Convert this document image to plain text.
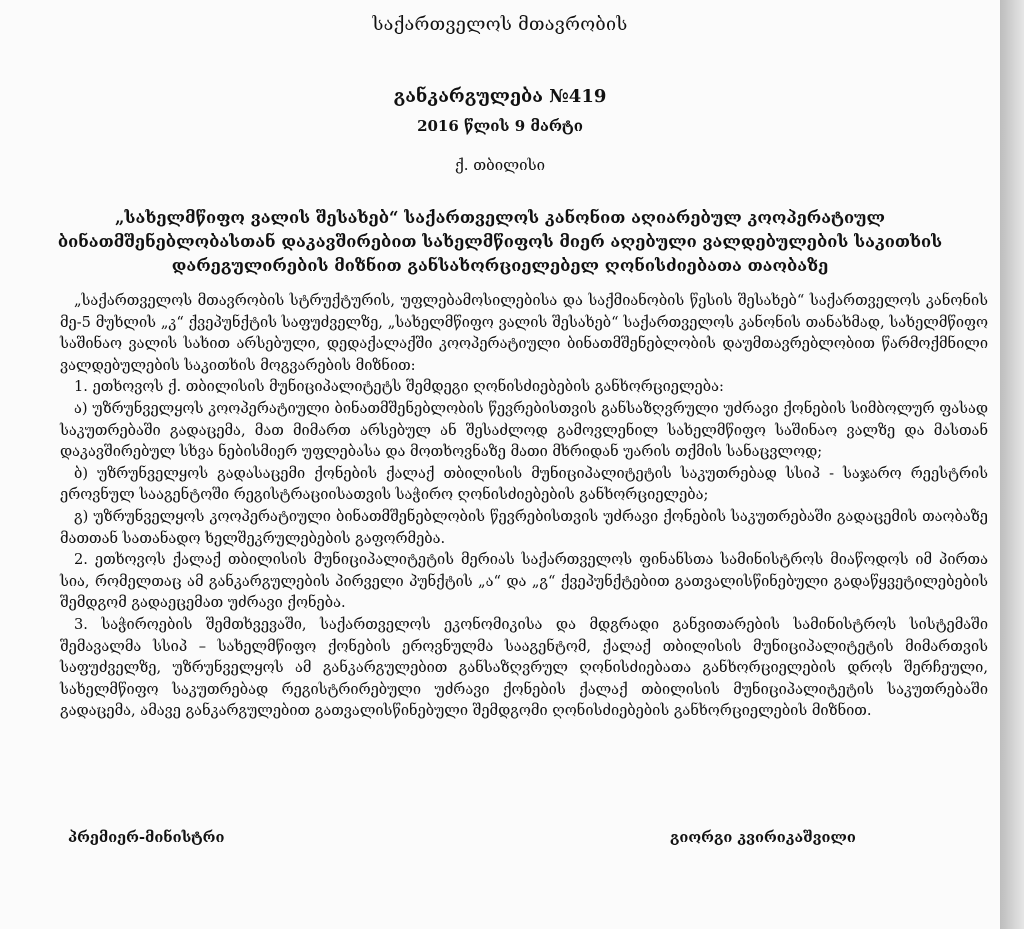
საქართველოს მთავრობის
განკარგულება №419
2016 წლის 9 მარტი
ქ. თბილისი
„სახელმწიფო ვალის შესახებ“ საქართველოს კანონით აღიარებულ კოოპერატიულ ბინათმშენებლობასთან დაკავშირებით სახელმწიფოს მიერ აღებული ვალდებულების საკითხის დარეგულირების მიზნით განსახორციელებელ ღონისძიებათა თაობაზე

„საქართველოს მთავრობის სტრუქტურის, უფლებამოსილებისა და საქმიანობის წესის შესახებ“ საქართველოს კანონის მე-5 მუხლის „კ“ ქვეპუნქტის საფუძველზე, „სახელმწიფო ვალის შესახებ“ საქართველოს კანონის თანახმად, სახელმწიფო საშინაო ვალის სახით არსებული, დედაქალაქში კოოპერატიული ბინათმშენებლობის დაუმთავრებლობით წარმოქმნილი ვალდებულების საკითხის მოგვარების მიზნით:

1. ეთხოვოს ქ. თბილისის მუნიციპალიტეტს შემდეგი ღონისძიებების განხორციელება:

ა) უზრუნველყოს კოოპერატიული ბინათმშენებლობის წევრებისთვის განსაზღვრული უძრავი ქონების სიმბოლურ ფასად საკუთრებაში გადაცემა, მათ მიმართ არსებულ ან შესაძლოდ გამოვლენილ სახელმწიფო საშინაო ვალზე და მასთან დაკავშირებულ სხვა ნებისმიერ უფლებასა და მოთხოვნაზე მათი მხრიდან უარის თქმის სანაცვლოდ;

ბ) უზრუნველყოს გადასაცემი ქონების ქალაქ თბილისის მუნიციპალიტეტის საკუთრებად სსიპ - საჯარო რეესტრის ეროვნულ სააგენტოში რეგისტრაციისათვის საჭირო ღონისძიებების განხორციელება;

გ) უზრუნველყოს კოოპერატიული ბინათმშენებლობის წევრებისთვის უძრავი ქონების საკუთრებაში გადაცემის თაობაზე მათთან სათანადო ხელშეკრულებების გაფორმება.

2. ეთხოვოს ქალაქ თბილისის მუნიციპალიტეტის მერიას საქართველოს ფინანსთა სამინისტროს მიაწოდოს იმ პირთა სია, რომელთაც ამ განკარგულების პირველი პუნქტის „ა“ და „გ“ ქვეპუნქტებით გათვალისწინებული გადაწყვეტილებების შემდგომ გადაეცემათ უძრავი ქონება.

3. საჭიროების შემთხვევაში, საქართველოს ეკონომიკისა და მდგრადი განვითარების სამინისტროს სისტემაში შემავალმა სსიპ – სახელმწიფო ქონების ეროვნულმა სააგენტომ, ქალაქ თბილისის მუნიციპალიტეტის მიმართვის საფუძველზე, უზრუნველყოს ამ განკარგულებით განსაზღვრულ ღონისძიებათა განხორციელების დროს შერჩეული, სახელმწიფო საკუთრებად რეგისტრირებული უძრავი ქონების ქალაქ თბილისის მუნიციპალიტეტის საკუთრებაში გადაცემა, ამავე განკარგულებით გათვალისწინებული შემდგომი ღონისძიებების განხორციელების მიზნით.

პრემიერ-მინისტრი	გიორგი კვირიკაშვილი
